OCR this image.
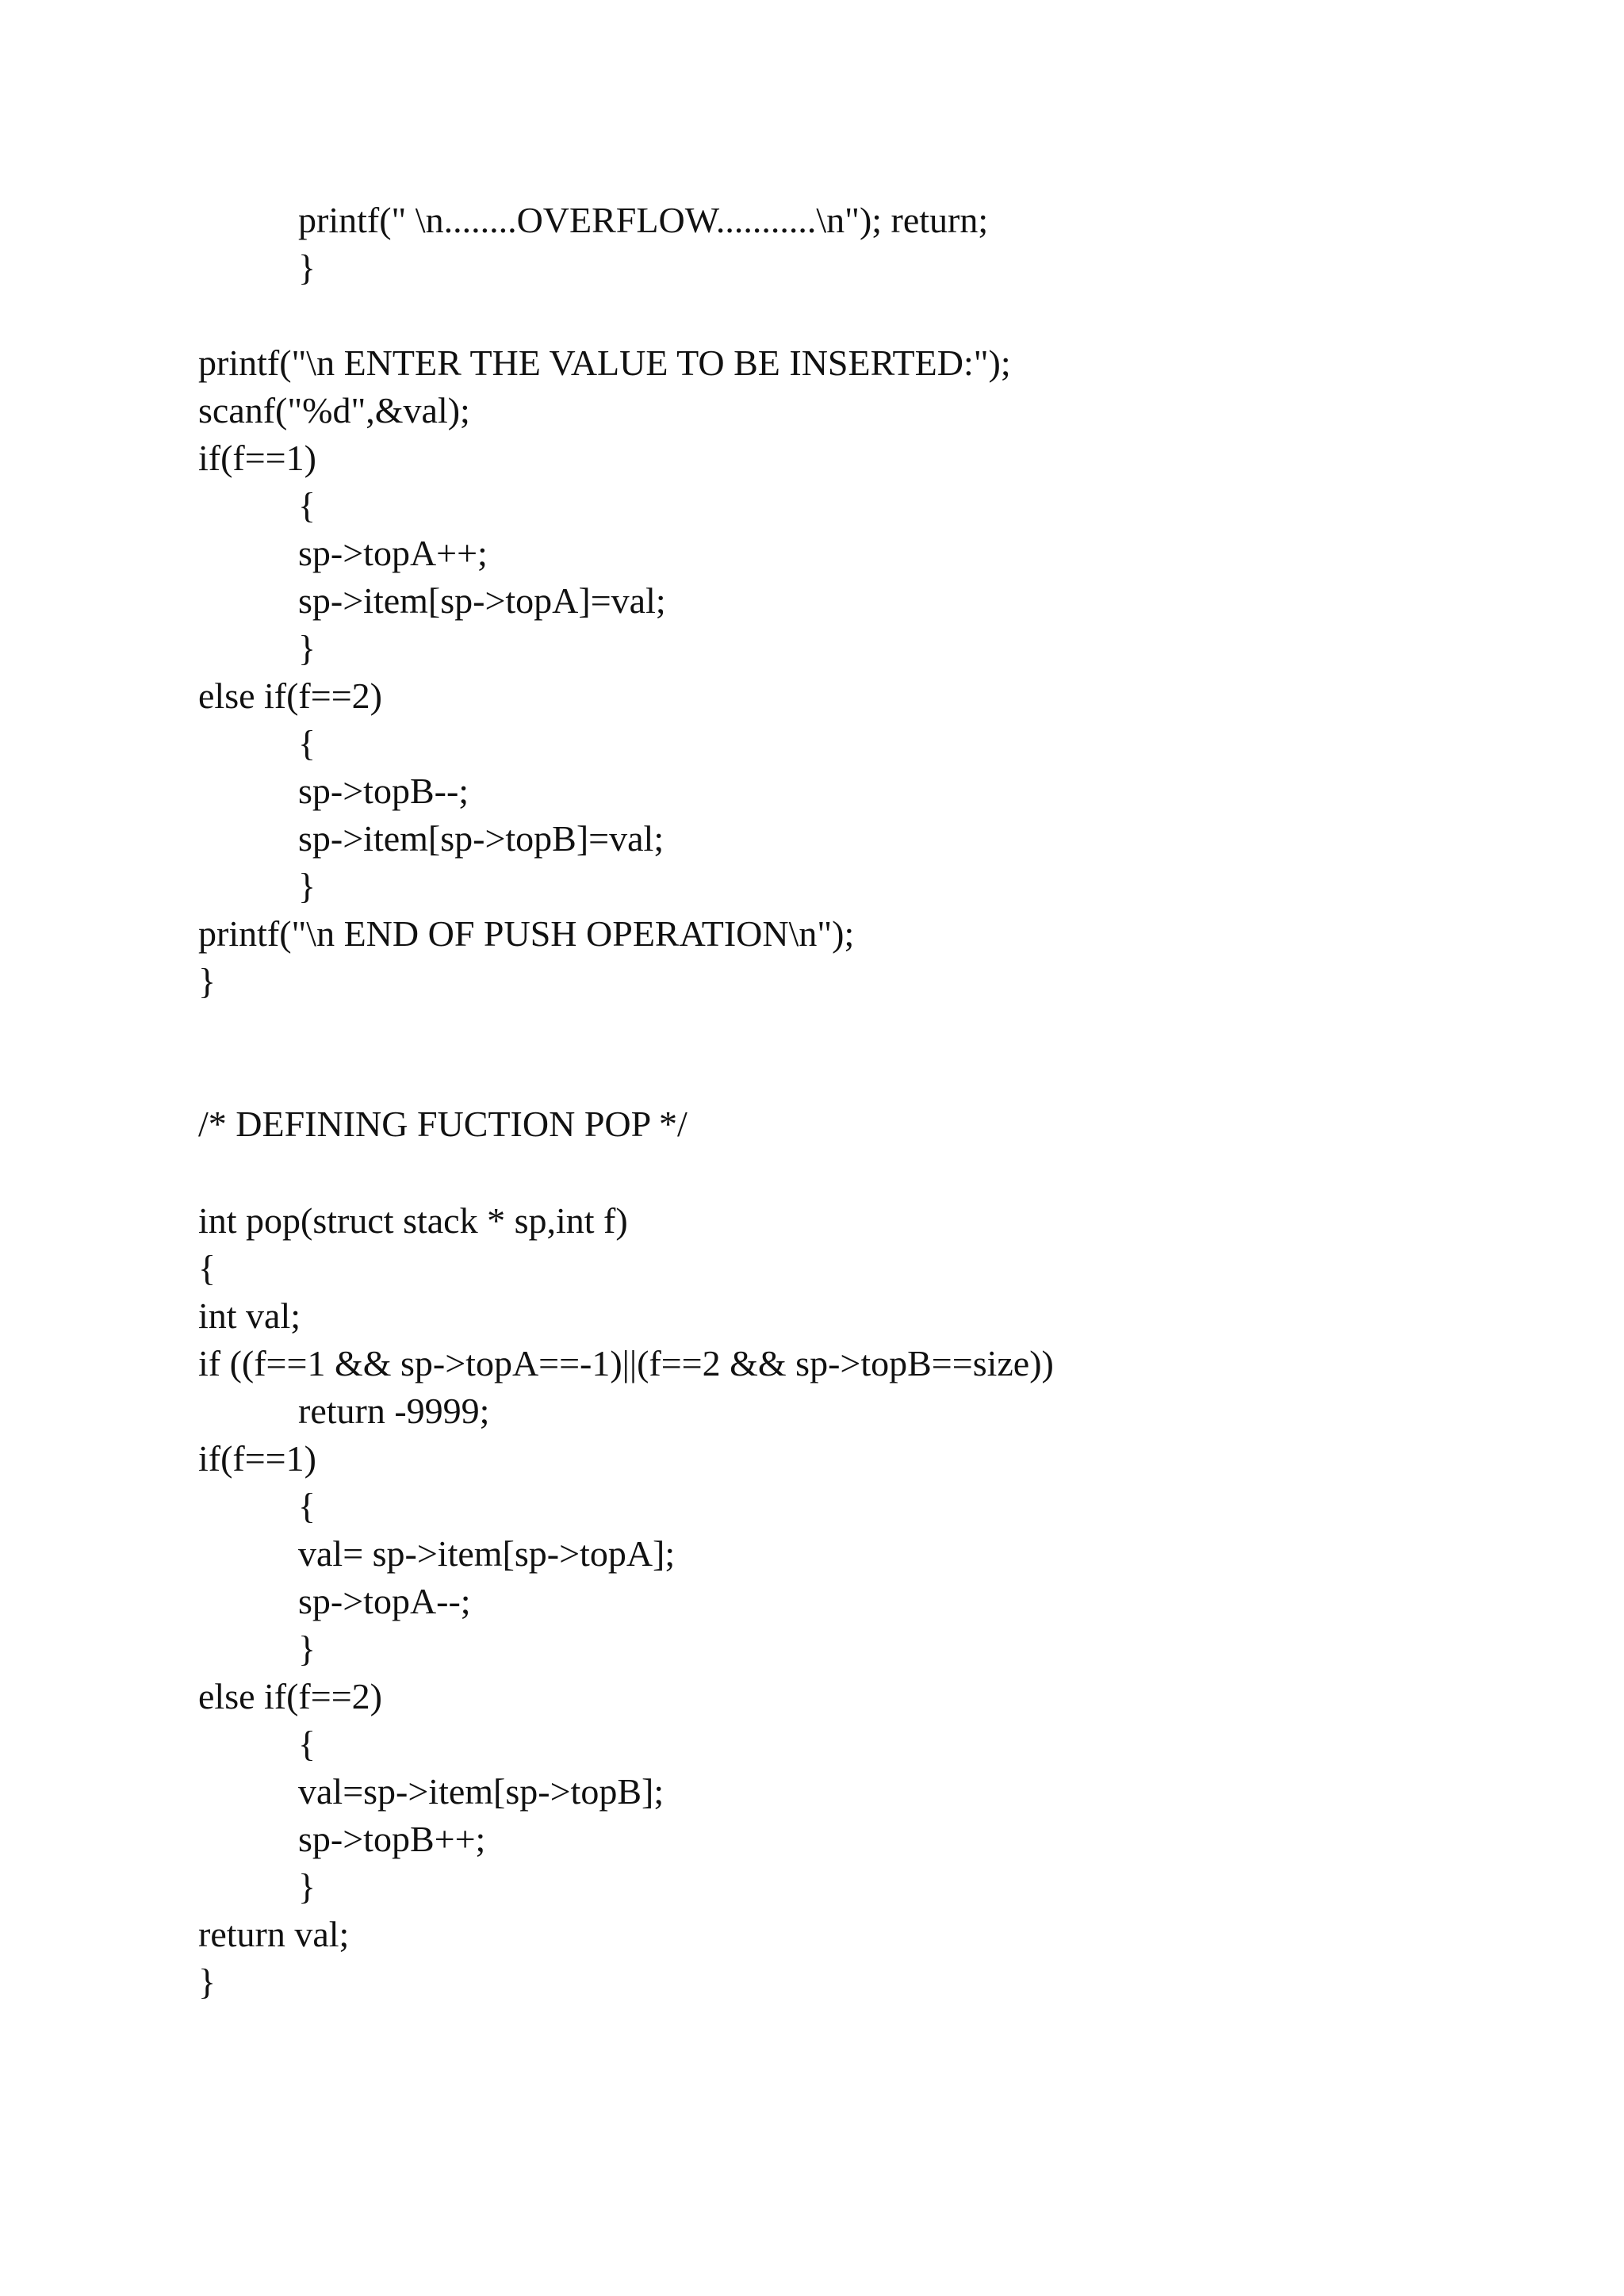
printf(" \n........OVERFLOW...........\n"); return;
}
printf("\n ENTER THE VALUE TO BE INSERTED:");
scanf("%d",&val);
if(f==1)
{
sp->topA++;
sp->item[sp->topA]=val;
}
else if(f==2)
{
sp->topB--;
sp->item[sp->topB]=val;
}
printf("\n END OF PUSH OPERATION\n");
}
/* DEFINING FUCTION POP */
int pop(struct stack * sp,int f)
{
int val;
if ((f==1 && sp->topA==-1)||(f==2 && sp->topB==size))
return -9999;
if(f==1)
{
val= sp->item[sp->topA];
sp->topA--;
}
else if(f==2)
{
val=sp->item[sp->topB];
sp->topB++;
}
return val;
}
